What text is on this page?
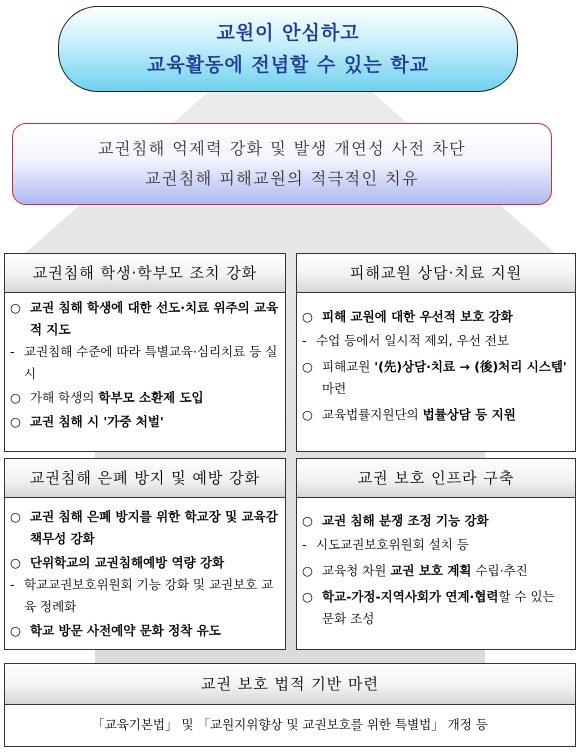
교원이 안심하고
교육활동에 전념할 수 있는 학교
교권침해 억제력 강화 및 발생 개연성 사전 차단
교권침해 피해교원의 적극적인 치유
교권침해 학생·학부모 조치 강화
○ 교권 침해 학생에 대한 선도·치료 위주의 교육적 지도
- 교권침해 수준에 따라 특별교육·심리치료 등 실시
○ 가해 학생의 학부모 소환제 도입
○ 교권 침해 시 '가중 처벌'
피해교원 상담·치료 지원
○ 피해 교원에 대한 우선적 보호 강화
- 수업 등에서 일시적 제외, 우선 전보
○ 피해교원 '(先)상담·치료 → (後)처리 시스템' 마련
○ 교육법률지원단의 법률상담 등 지원
교권침해 은폐 방지 및 예방 강화
○ 교권 침해 은폐 방지를 위한 학교장 및 교육감 책무성 강화
○ 단위학교의 교권침해예방 역량 강화
- 학교교권보호위원회 기능 강화 및 교권보호 교육 정례화
○ 학교 방문 사전예약 문화 정착 유도
교권 보호 인프라 구축
○ 교권 침해 분쟁 조정 기능 강화
- 시도교권보호위원회 설치 등
○ 교육청 차원 교권 보호 계획 수립·추진
○ 학교-가정-지역사회가 연계·협력할 수 있는 문화 조성
교권 보호 법적 기반 마련
「교육기본법」 및 「교원지위향상 및 교권보호를 위한 특별법」 개정 등
